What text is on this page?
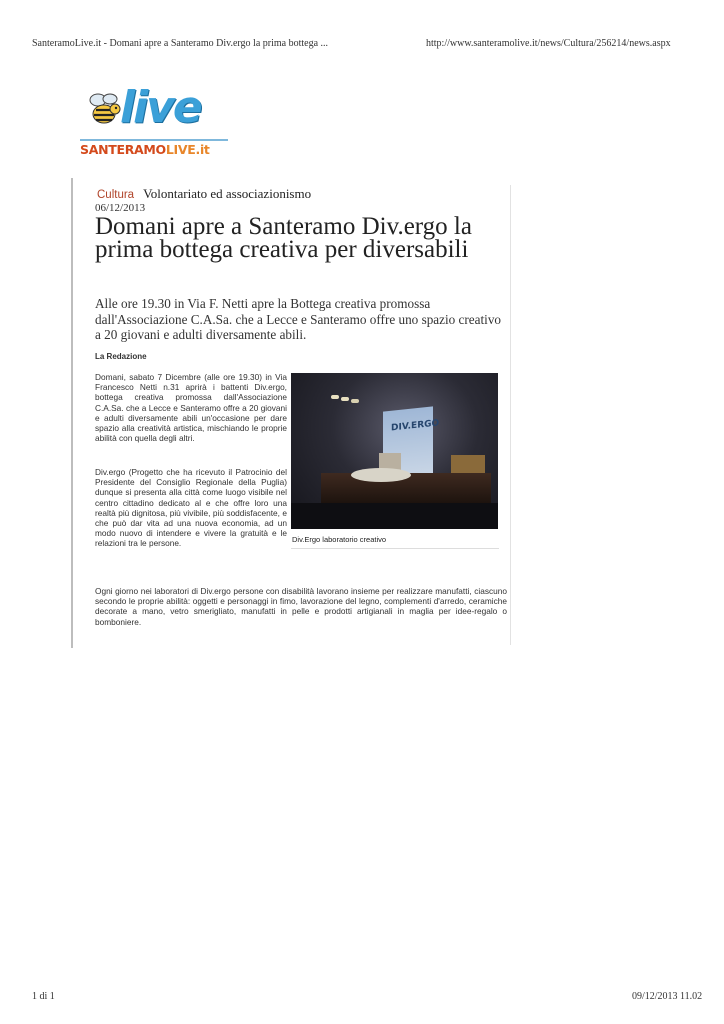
SanteramoLive.it - Domani apre a Santeramo Div.ergo la prima bottega ...	http://www.santeramolive.it/news/Cultura/256214/news.aspx
live
SANTERAMOLIVE.it
Cultura Volontariato ed associazionismo
06/12/2013
Domani apre a Santeramo Div.ergo la prima bottega creativa per diversabili

Alle ore 19.30 in Via F. Netti apre la Bottega creativa promossa dall'Associazione C.A.Sa. che a Lecce e Santeramo offre uno spazio creativo a 20 giovani e adulti diversamente abili.

La Redazione

Domani, sabato 7 Dicembre (alle ore 19.30) in Via Francesco Netti n.31 aprirà i battenti Div.ergo, bottega creativa promossa dall'Associazione C.A.Sa. che a Lecce e Santeramo offre a 20 giovani e adulti diversamente abili un'occasione per dare spazio alla creatività artistica, mischiando le proprie abilità con quella degli altri.

Div.ergo (Progetto che ha ricevuto il Patrocinio del Presidente del Consiglio Regionale della Puglia) dunque si presenta alla città come luogo visibile nel centro cittadino dedicato al e che offre loro una realtà più dignitosa, più vivibile, più soddisfacente, e che può dar vita ad una nuova economia, ad un modo nuovo di intendere e vivere la gratuità e le relazioni tra le persone.

DIV.ERGO
Div.Ergo laboratorio creativo

Ogni giorno nei laboratori di Div.ergo persone con disabilità lavorano insieme per realizzare manufatti, ciascuno secondo le proprie abilità: oggetti e personaggi in fimo, lavorazione del legno, complementi d'arredo, ceramiche decorate a mano, vetro smerigliato, manufatti in pelle e prodotti artigianali in maglia per idee-regalo o bomboniere.

1 di 1	09/12/2013 11.02
